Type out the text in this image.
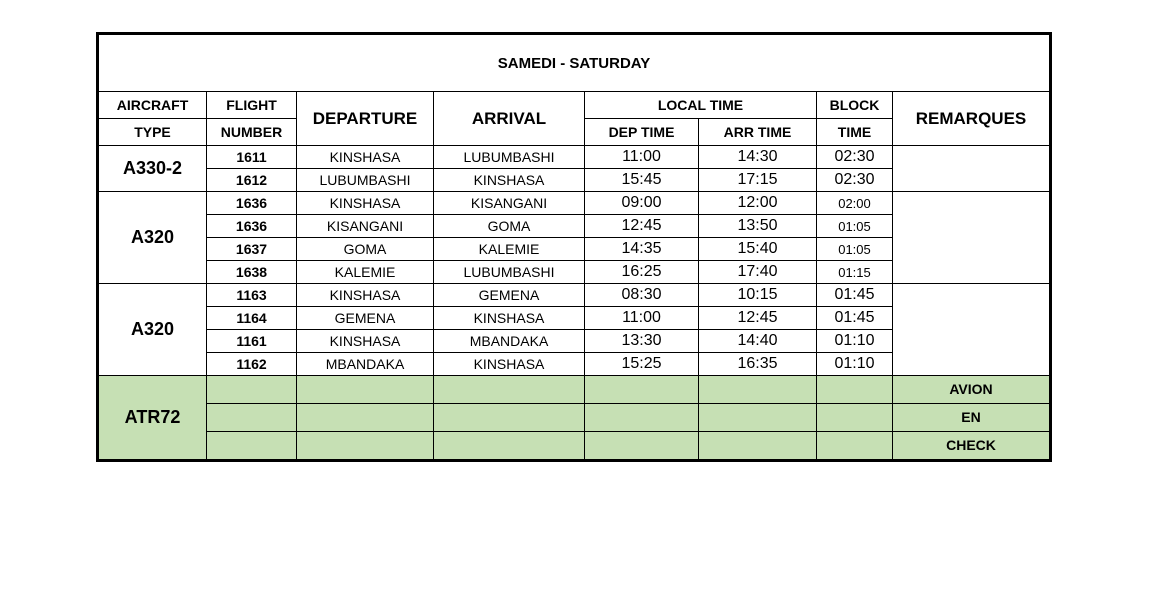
SAMEDI - SATURDAY							
AIRCRAFT	FLIGHT	DEPARTURE	ARRIVAL	LOCAL TIME		BLOCK	REMARQUES
TYPE	NUMBER			DEP TIME	ARR TIME	TIME	
A330-2	1611	KINSHASA	LUBUMBASHI	11:00	14:30	02:30	
	1612	LUBUMBASHI	KINSHASA	15:45	17:15	02:30	
A320	1636	KINSHASA	KISANGANI	09:00	12:00	02:00	
	1636	KISANGANI	GOMA	12:45	13:50	01:05	
	1637	GOMA	KALEMIE	14:35	15:40	01:05	
	1638	KALEMIE	LUBUMBASHI	16:25	17:40	01:15	
A320	1163	KINSHASA	GEMENA	08:30	10:15	01:45	
	1164	GEMENA	KINSHASA	11:00	12:45	01:45	
	1161	KINSHASA	MBANDAKA	13:30	14:40	01:10	
	1162	MBANDAKA	KINSHASA	15:25	16:35	01:10	
ATR72							AVION
							EN
							CHECK
